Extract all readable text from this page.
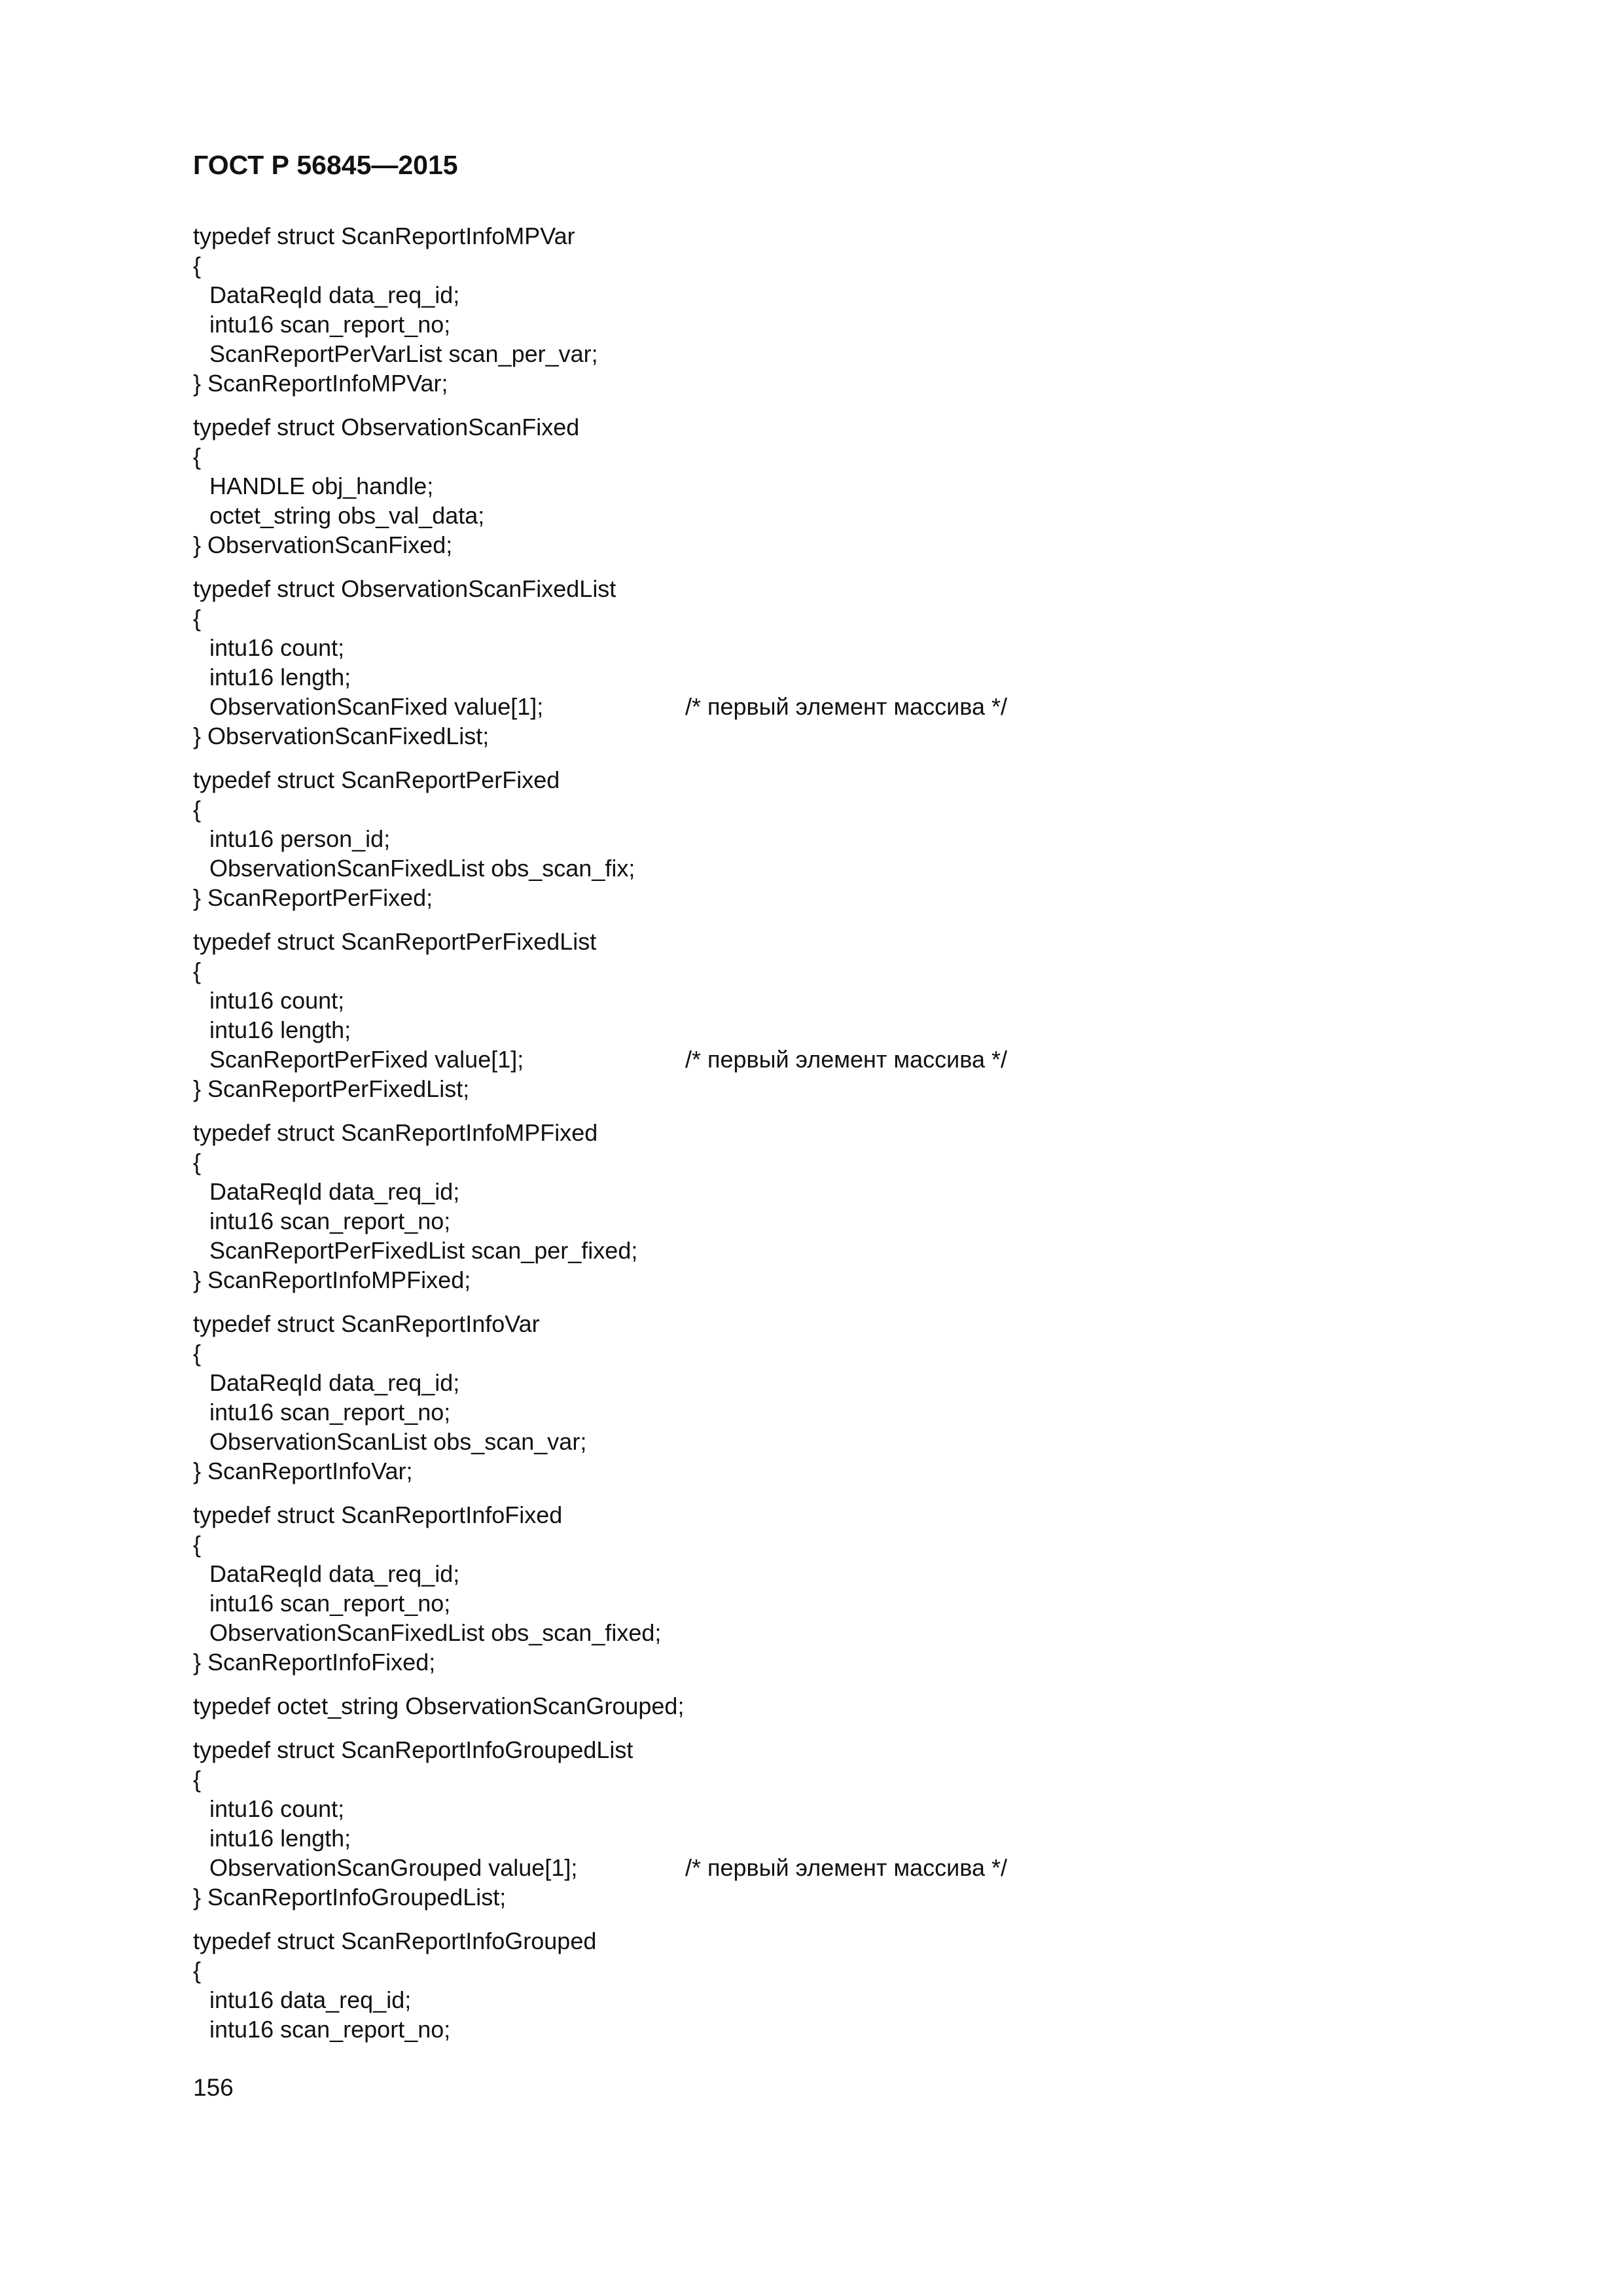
ГОСТ Р 56845—2015
typedef struct ScanReportInfoMPVar
{
DataReqId data_req_id;
intu16 scan_report_no;
ScanReportPerVarList scan_per_var;
} ScanReportInfoMPVar;
typedef struct ObservationScanFixed
{
HANDLE obj_handle;
octet_string obs_val_data;
} ObservationScanFixed;
typedef struct ObservationScanFixedList
{
intu16 count;
intu16 length;
ObservationScanFixed value[1];	/* первый элемент массива */
} ObservationScanFixedList;
typedef struct ScanReportPerFixed
{
intu16 person_id;
ObservationScanFixedList obs_scan_fix;
} ScanReportPerFixed;
typedef struct ScanReportPerFixedList
{
intu16 count;
intu16 length;
ScanReportPerFixed value[1];	/* первый элемент массива */
} ScanReportPerFixedList;
typedef struct ScanReportInfoMPFixed
{
DataReqId data_req_id;
intu16 scan_report_no;
ScanReportPerFixedList scan_per_fixed;
} ScanReportInfoMPFixed;
typedef struct ScanReportInfoVar
{
DataReqId data_req_id;
intu16 scan_report_no;
ObservationScanList obs_scan_var;
} ScanReportInfoVar;
typedef struct ScanReportInfoFixed
{
DataReqId data_req_id;
intu16 scan_report_no;
ObservationScanFixedList obs_scan_fixed;
} ScanReportInfoFixed;
typedef octet_string ObservationScanGrouped;
typedef struct ScanReportInfoGroupedList
{
intu16 count;
intu16 length;
ObservationScanGrouped value[1];	/* первый элемент массива */
} ScanReportInfoGroupedList;
typedef struct ScanReportInfoGrouped
{
intu16 data_req_id;
intu16 scan_report_no;
156
